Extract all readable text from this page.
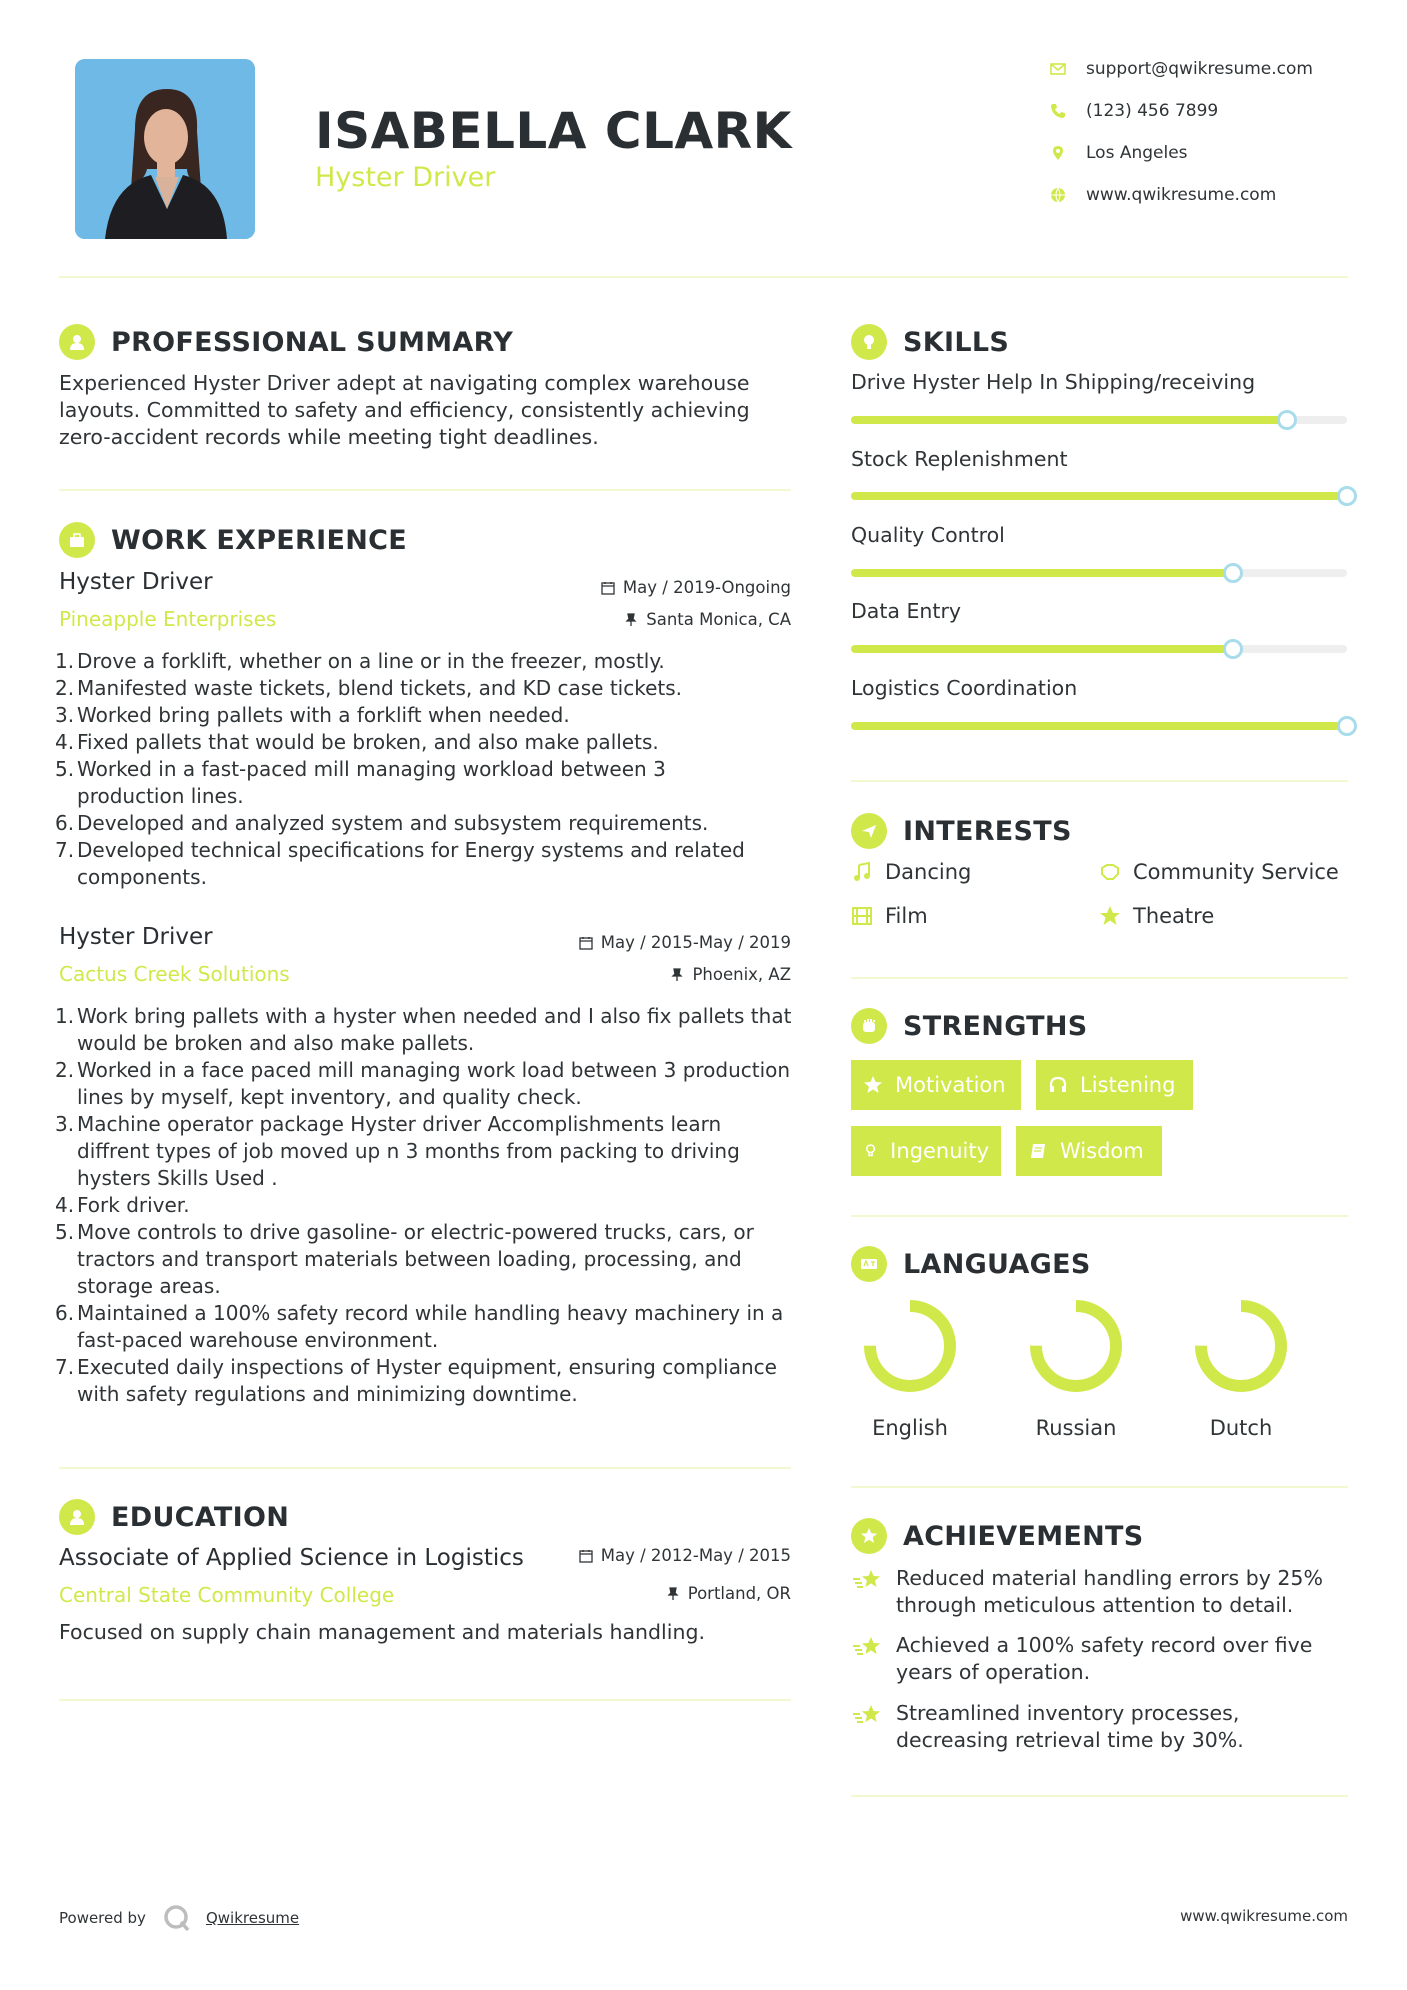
ISABELLA CLARK
Hyster Driver
support@qwikresume.com
(123) 456 7899
Los Angeles
www.qwikresume.com
PROFESSIONAL SUMMARY
Experienced Hyster Driver adept at navigating complex warehouse
layouts. Committed to safety and efficiency, consistently achieving
zero-accident records while meeting tight deadlines.
WORK EXPERIENCE
Hyster Driver
Pineapple Enterprises
May / 2019-Ongoing
Santa Monica, CA
Drove a forklift, whether on a line or in the freezer, mostly.
Manifested waste tickets, blend tickets, and KD case tickets.
Worked bring pallets with a forklift when needed.
Fixed pallets that would be broken, and also make pallets.
Worked in a fast-paced mill managing workload between 3 production lines.
Developed and analyzed system and subsystem requirements.
Developed technical specifications for Energy systems and related components.
Hyster Driver
Cactus Creek Solutions
May / 2015-May / 2019
Phoenix, AZ
Work bring pallets with a hyster when needed and I also fix pallets that would be broken and also make pallets.
Worked in a face paced mill managing work load between 3 production lines by myself, kept inventory, and quality check.
Machine operator package Hyster driver Accomplishments learn diffrent types of job moved up n 3 months from packing to driving hysters Skills Used .
Fork driver.
Move controls to drive gasoline- or electric-powered trucks, cars, or tractors and transport materials between loading, processing, and storage areas.
Maintained a 100% safety record while handling heavy machinery in a fast-paced warehouse environment.
Executed daily inspections of Hyster equipment, ensuring compliance with safety regulations and minimizing downtime.
EDUCATION
Associate of Applied Science in Logistics
Central State Community College
May / 2012-May / 2015
Portland, OR
Focused on supply chain management and materials handling.
SKILLS
Drive Hyster Help In Shipping/receiving
Stock Replenishment
Quality Control
Data Entry
Logistics Coordination
INTERESTS
Dancing	Community Service
Film	Theatre
STRENGTHS
Motivation	Listening
Ingenuity	Wisdom
LANGUAGES
English	Russian	Dutch
ACHIEVEMENTS
Reduced material handling errors by 25% through meticulous attention to detail.
Achieved a 100% safety record over five years of operation.
Streamlined inventory processes, decreasing retrieval time by 30%.
Powered by	Qwikresume	www.qwikresume.com
